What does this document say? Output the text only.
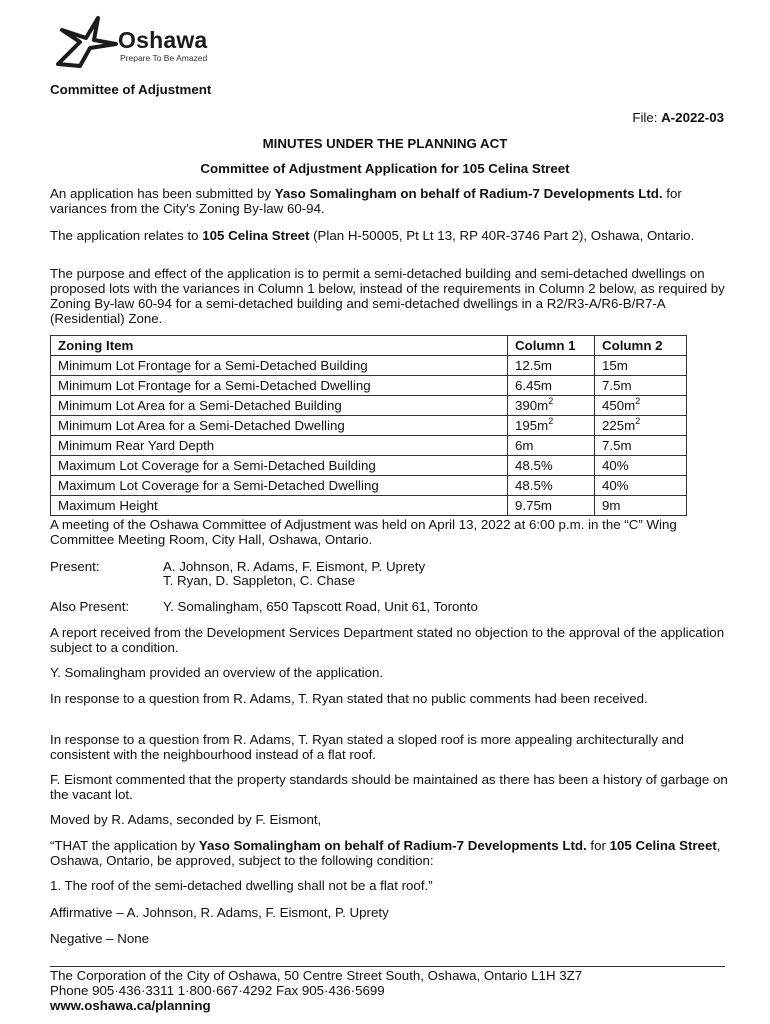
Oshawa
Prepare To Be Amazed
Committee of Adjustment
File: A-2022-03
MINUTES UNDER THE PLANNING ACT
Committee of Adjustment Application for 105 Celina Street
An application has been submitted by Yaso Somalingham on behalf of Radium-7 Developments Ltd. for variances from the City’s Zoning By-law 60-94.
The application relates to 105 Celina Street (Plan H-50005, Pt Lt 13, RP 40R-3746 Part 2), Oshawa, Ontario.
The purpose and effect of the application is to permit a semi-detached building and semi-detached dwellings on proposed lots with the variances in Column 1 below, instead of the requirements in Column 2 below, as required by Zoning By-law 60-94 for a semi-detached building and semi-detached dwellings in a R2/R3-A/R6-B/R7-A (Residential) Zone.
Zoning Item	Column 1	Column 2
Minimum Lot Frontage for a Semi-Detached Building	12.5m	15m
Minimum Lot Frontage for a Semi-Detached Dwelling	6.45m	7.5m
Minimum Lot Area for a Semi-Detached Building	$390m^2$	$450m^2$
Minimum Lot Area for a Semi-Detached Dwelling	$195m^2$	$225m^2$
Minimum Rear Yard Depth	6m	7.5m
Maximum Lot Coverage for a Semi-Detached Building	48.5%	40%
Maximum Lot Coverage for a Semi-Detached Dwelling	48.5%	40%
Maximum Height	9.75m	9m
A meeting of the Oshawa Committee of Adjustment was held on April 13, 2022 at 6:00 p.m. in the “C” Wing Committee Meeting Room, City Hall, Oshawa, Ontario.
Present:	A. Johnson, R. Adams, F. Eismont, P. Uprety
T. Ryan, D. Sappleton, C. Chase
Also Present:	Y. Somalingham, 650 Tapscott Road, Unit 61, Toronto
A report received from the Development Services Department stated no objection to the approval of the application subject to a condition.
Y. Somalingham provided an overview of the application.
In response to a question from R. Adams, T. Ryan stated that no public comments had been received.
In response to a question from R. Adams, T. Ryan stated a sloped roof is more appealing architecturally and consistent with the neighbourhood instead of a flat roof.
F. Eismont commented that the property standards should be maintained as there has been a history of garbage on the vacant lot.
Moved by R. Adams, seconded by F. Eismont,
“THAT the application by Yaso Somalingham on behalf of Radium-7 Developments Ltd. for 105 Celina Street, Oshawa, Ontario, be approved, subject to the following condition:
1. The roof of the semi-detached dwelling shall not be a flat roof.”
Affirmative – A. Johnson, R. Adams, F. Eismont, P. Uprety
Negative – None
The Corporation of the City of Oshawa, 50 Centre Street South, Oshawa, Ontario L1H 3Z7
Phone 905·436·3311 1·800·667·4292 Fax 905·436·5699
www.oshawa.ca/planning
